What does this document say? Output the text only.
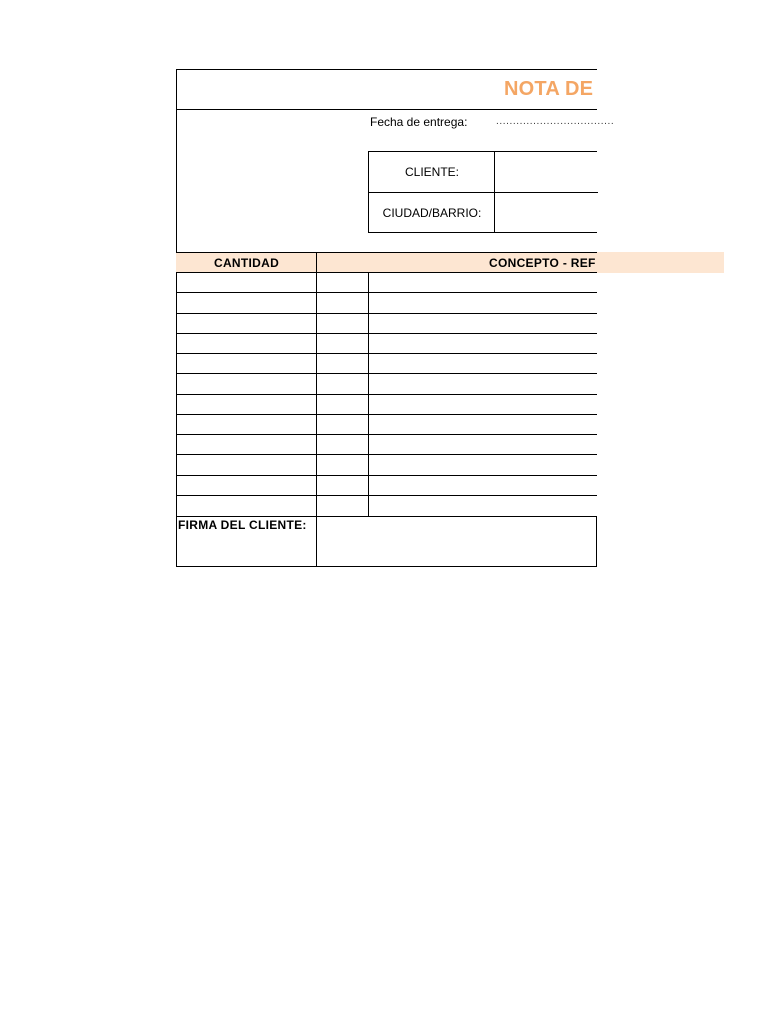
NOTA DE
Fecha de entrega:	...................................
CLIENTE:
CIUDAD/BARRIO:
CANTIDAD	CONCEPTO - REF
FIRMA DEL CLIENTE:
